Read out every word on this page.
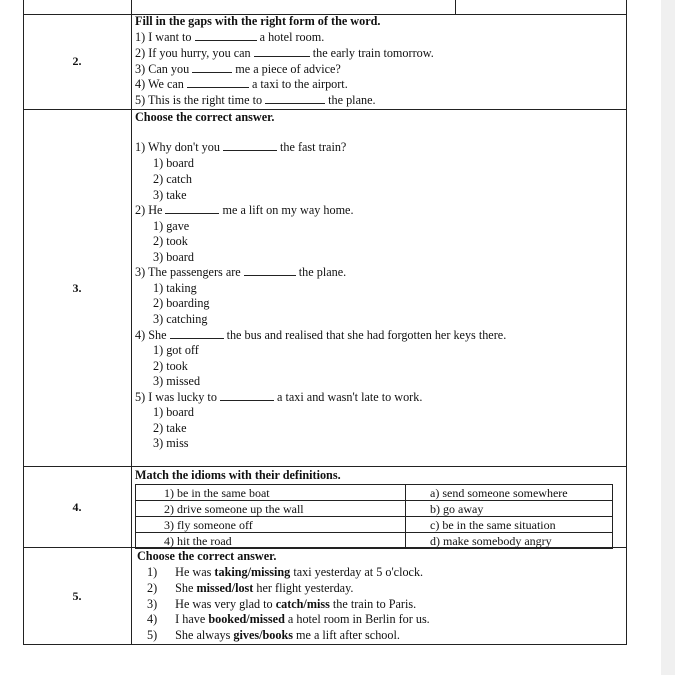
2.
Fill in the gaps with the right form of the word.
1) I want to	a hotel room.
2) If you hurry, you can	the early train tomorrow.
3) Can you	me a piece of advice?
4) We can	a taxi to the airport.
5) This is the right time to	the plane.
3.
Choose the correct answer.
1) Why don't you	the fast train?
1) board
2) catch
3) take
2) He	me a lift on my way home.
1) gave
2) took
3) board
3) The passengers are	the plane.
1) taking
2) boarding
3) catching
4) She	the bus and realised that she had forgotten her keys there.
1) got off
2) took
3) missed
5) I was lucky to	a taxi and wasn't late to work.
1) board
2) take
3) miss
4.
Match the idioms with their definitions.
1) be in the same boat	a) send someone somewhere
2) drive someone up the wall	b) go away
3) fly someone off	c) be in the same situation
4) hit the road	d) make somebody angry
5.
Choose the correct answer.
1) He was taking/missing taxi yesterday at 5 o'clock.
2) She missed/lost her flight yesterday.
3) He was very glad to catch/miss the train to Paris.
4) I have booked/missed a hotel room in Berlin for us.
5) She always gives/books me a lift after school.
